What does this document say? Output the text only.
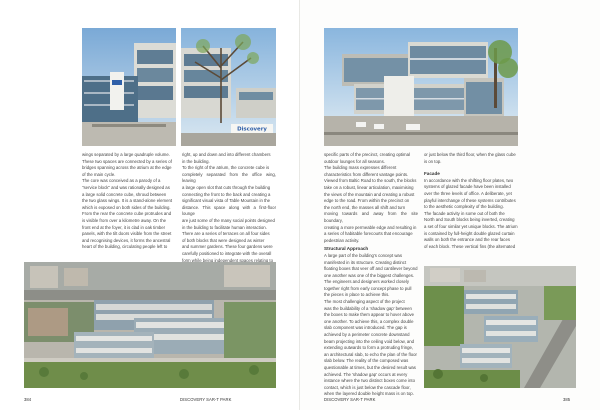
Discovery

wings separated by a large quadruple volume.

These two spaces are connected by a series of

bridges spanning across the atrium at the edge

of the main cycle.

The core was conceived as a parody of a

"service block" and was rationally designed as

a large solid concrete cube, shroud between

the two glass wings. It is a stand-alone element

which is exposed on both sides of the building.

From the rear the concrete cube protrudes and

is visible from over a kilometre away. On the

front end at the foyer, it is clad in oak timber

panels, with the tilt doors visible from the street

and recognising devices, it forms the ancestral

heart of the building, circulating people left to

right, up and down and into different chambers

in the building.

To the right of the atrium, the concrete cube is

completely separated from the office wing, leaving

a large open slot that cuts through the building

connecting the front to the back and creating a

significant visual vista of Table Mountain in the

distance. This space along with a first-floor lounge

are just some of the many social points designed

in the building to facilitate human interaction.

There are a series of terraces on all four sides

of both blocks that were designed as winter

and summer gardens. These four gardens were

carefully positioned to integrate with the overall

form while being independent spaces relating to

384	DISCOVERY SAR-T PARK

specific parts of the precinct, creating optimal

outdoor lounges for all seasons.

The building mass expresses different

characteristics from different vantage points.

Viewed from Baltic Road to the south, the blocks

take on a robust, linear articulation, maximising

the views of the mountain and creating a robust

edge to the road. From within the precinct on

the north end, the masses all shift and turn

moving towards and away from the site boundary,

creating a more permeable edge and resulting in

a series of habitable forecourts that encourage

pedestrian activity.

Structural Approach

A large part of the building's concept was

manifested in its structure. Creating distinct

floating boxes that veer off and cantilever beyond

one another was one of the biggest challenges.

The engineers and designers worked closely

together right from early concept phase to pull

the pieces in place to achieve this.

The most challenging aspect of the project

was the buildability of a 'shadow gap' between

the boxes to make them appear to hover above

one another. To achieve this, a complex double

slab component was introduced. The gap is

achieved by a perimeter concrete downstand

beam projecting into the ceiling void below, and

extending outwards to form a protruding fringe,

an architectural slab, to echo the plan of the floor

slab below. The reality of the composed was

questionable at times, but the desired result was

achieved. The 'shadow gap' occurs at every

instance where the two distinct boxes come into

contact, which is just below the cascade floor,

when the layered double height mass is on top.

or just below the third floor, when the glass cube

is on top.

Facade

In accordance with the shifting floor plates, two

systems of glazed facade have been installed

over the three levels of office. A deliberate, yet

playful interchange of these systems contributes

to the aesthetic complexity of the building.

The facade activity in some out of both the

North and South blocks being inverted, creating

a set of four similar yet unique blocks. The atrium

is contained by full-height double glazed curtain

walls on both the entrance and the rear faces

of each block. These vertical fins (the alternated

DISCOVERY SAR-T PARK	385
